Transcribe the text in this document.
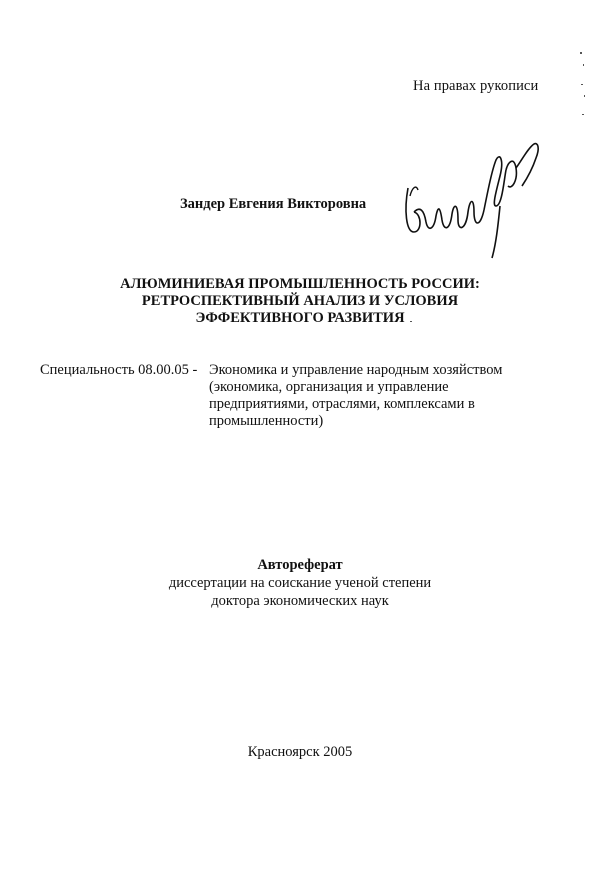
На правах рукописи
Зандер Евгения Викторовна
АЛЮМИНИЕВАЯ ПРОМЫШЛЕННОСТЬ РОССИИ:
РЕТРОСПЕКТИВНЫЙ АНАЛИЗ И УСЛОВИЯ
ЭФФЕКТИВНОГО РАЗВИТИЯ
Специальность 08.00.05 - Экономика и управление народным хозяйством
(экономика, организация и управление
предприятиями, отраслями, комплексами в
промышленности)
Автореферат
диссертации на соискание ученой степени
доктора экономических наук
Красноярск 2005
